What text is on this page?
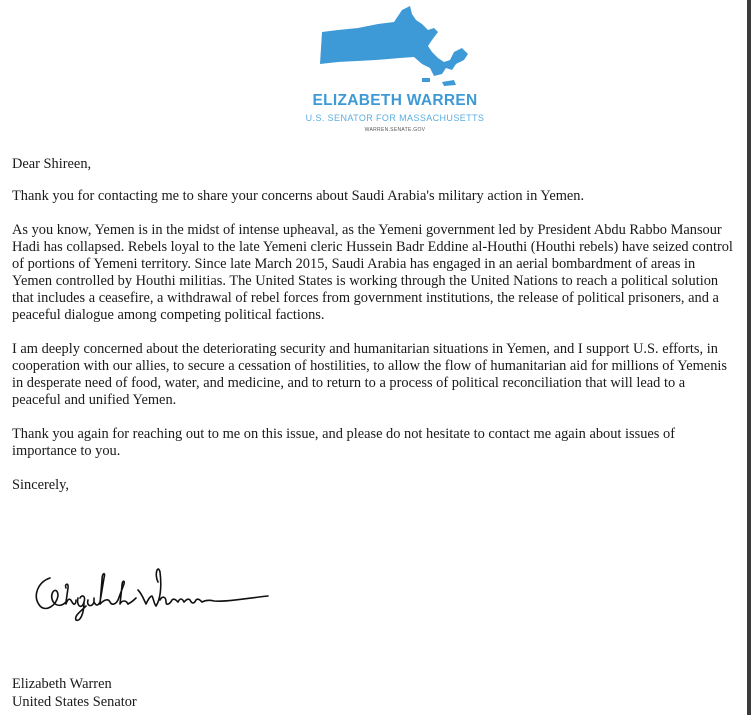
ELIZABETH WARREN
U.S. SENATOR FOR MASSACHUSETTS
WARREN.SENATE.GOV

Dear Shireen,

Thank you for contacting me to share your concerns about Saudi Arabia's military action in Yemen.

As you know, Yemen is in the midst of intense upheaval, as the Yemeni government led by President Abdu Rabbo Mansour Hadi has collapsed. Rebels loyal to the late Yemeni cleric Hussein Badr Eddine al-Houthi (Houthi rebels) have seized control of portions of Yemeni territory. Since late March 2015, Saudi Arabia has engaged in an aerial bombardment of areas in Yemen controlled by Houthi militias. The United States is working through the United Nations to reach a political solution that includes a ceasefire, a withdrawal of rebel forces from government institutions, the release of political prisoners, and a peaceful dialogue among competing political factions.

I am deeply concerned about the deteriorating security and humanitarian situations in Yemen, and I support U.S. efforts, in cooperation with our allies, to secure a cessation of hostilities, to allow the flow of humanitarian aid for millions of Yemenis in desperate need of food, water, and medicine, and to return to a process of political reconciliation that will lead to a peaceful and unified Yemen.

Thank you again for reaching out to me on this issue, and please do not hesitate to contact me again about issues of importance to you.

Sincerely,

Elizabeth Warren
United States Senator
